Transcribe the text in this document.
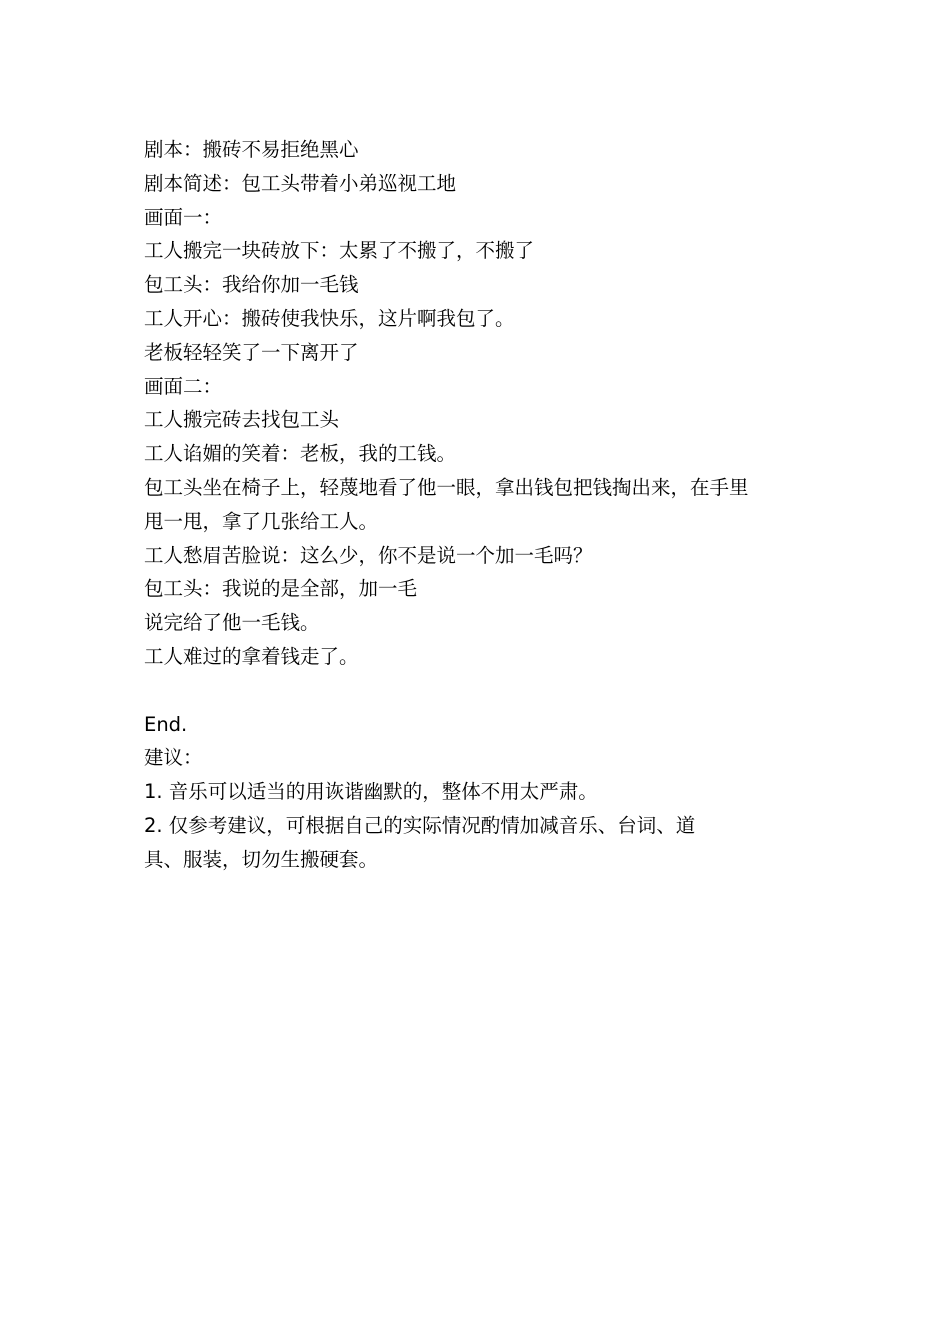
剧本：搬砖不易拒绝黑心
剧本简述：包工头带着小弟巡视工地
画面一：
工人搬完一块砖放下：太累了不搬了，不搬了
包工头：我给你加一毛钱
工人开心：搬砖使我快乐，这片啊我包了。
老板轻轻笑了一下离开了
画面二：
工人搬完砖去找包工头
工人谄媚的笑着：老板，我的工钱。
包工头坐在椅子上，轻蔑地看了他一眼，拿出钱包把钱掏出来，在手里
甩一甩，拿了几张给工人。
工人愁眉苦脸说：这么少，你不是说一个加一毛吗？
包工头：我说的是全部，加一毛
说完给了他一毛钱。
工人难过的拿着钱走了。
End.
建议：
1. 音乐可以适当的用诙谐幽默的，整体不用太严肃。
2. 仅参考建议，可根据自己的实际情况酌情加减音乐、台词、道
具、服装，切勿生搬硬套。
